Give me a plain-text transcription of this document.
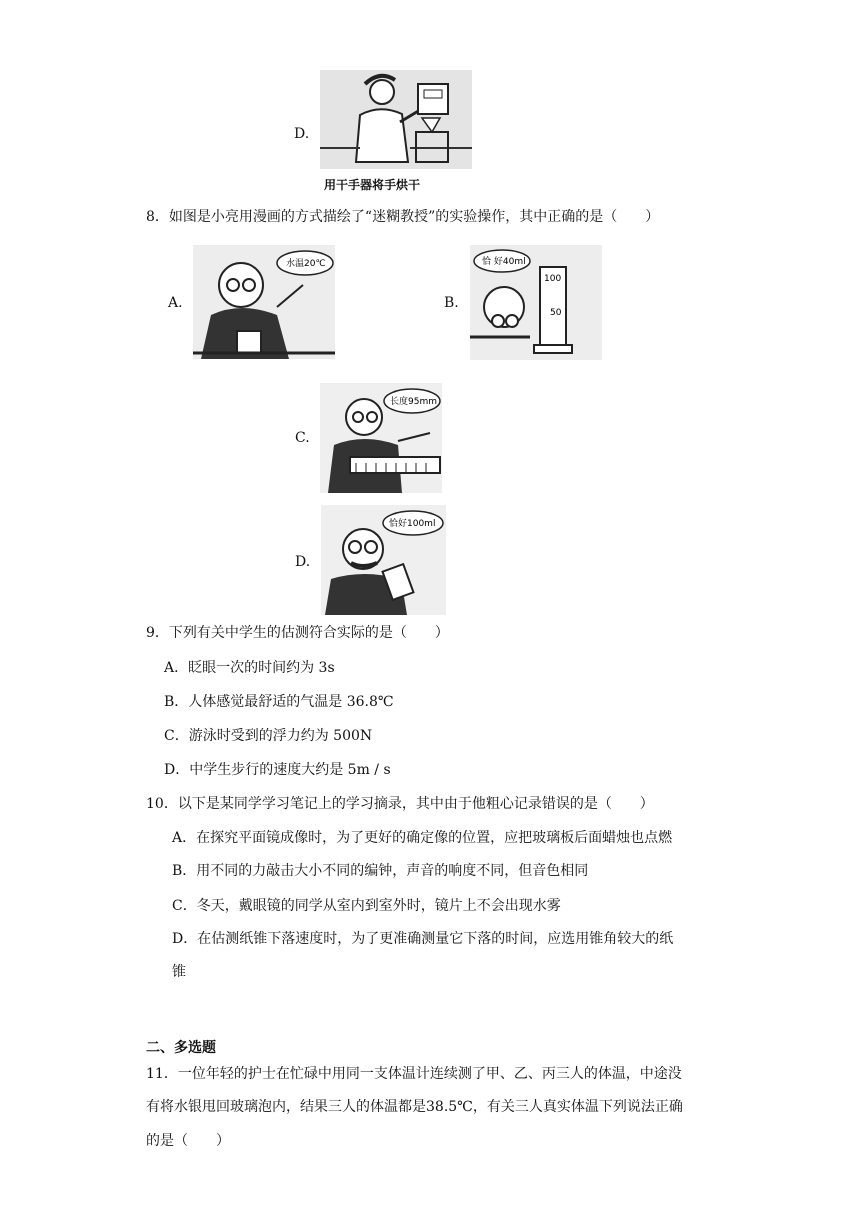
D.
用干手器将手烘干
8．如图是小亮用漫画的方式描绘了“迷糊教授”的实验操作，其中正确的是（　　）
A.
水温20℃
B.
恰 好40ml
100
50
C.
长度95mm
D.
恰好100ml
9．下列有关中学生的估测符合实际的是（　　）
A．眨眼一次的时间约为 3s
B．人体感觉最舒适的气温是 36.8℃
C．游泳时受到的浮力约为 500N
D．中学生步行的速度大约是 5m / s
10．以下是某同学学习笔记上的学习摘录，其中由于他粗心记录错误的是（　　）
A．在探究平面镜成像时，为了更好的确定像的位置，应把玻璃板后面蜡烛也点燃
B．用不同的力敲击大小不同的编钟，声音的响度不同，但音色相同
C．冬天，戴眼镜的同学从室内到室外时，镜片上不会出现水雾
D．在估测纸锥下落速度时，为了更准确测量它下落的时间，应选用锥角较大的纸
锥
二、多选题
11．一位年轻的护士在忙碌中用同一支体温计连续测了甲、乙、丙三人的体温，中途没
有将水银甩回玻璃泡内，结果三人的体温都是38.5℃，有关三人真实体温下列说法正确
的是（　　）
